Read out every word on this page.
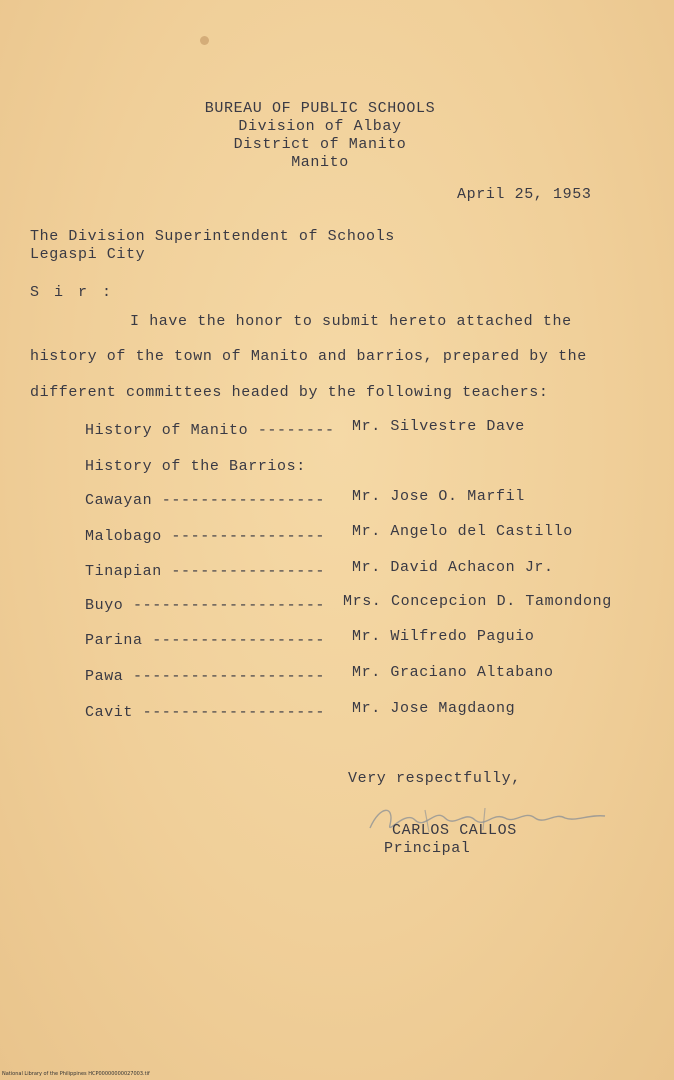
BUREAU OF PUBLIC SCHOOLS
Division of Albay
District of Manito
Manito
April 25, 1953
The Division Superintendent of Schools
Legaspi City
S i r :
I have the honor to submit hereto attached the
history of the town of Manito and barrios, prepared by the
different committees headed by the following teachers:
History of Manito -------- Mr. Silvestre Dave
History of the Barrios:
Cawayan ----------------- Mr. Jose O. Marfil
Malobago ---------------- Mr. Angelo del Castillo
Tinapian ---------------- Mr. David Achacon Jr.
Buyo -------------------- Mrs. Concepcion D. Tamondong
Parina ------------------ Mr. Wilfredo Paguio
Pawa -------------------- Mr. Graciano Altabano
Cavit ------------------- Mr. Jose Magdaong
Very respectfully,
CARLOS CALLOS
Principal
National Library of the Philippines HCP00000000027003.tif
